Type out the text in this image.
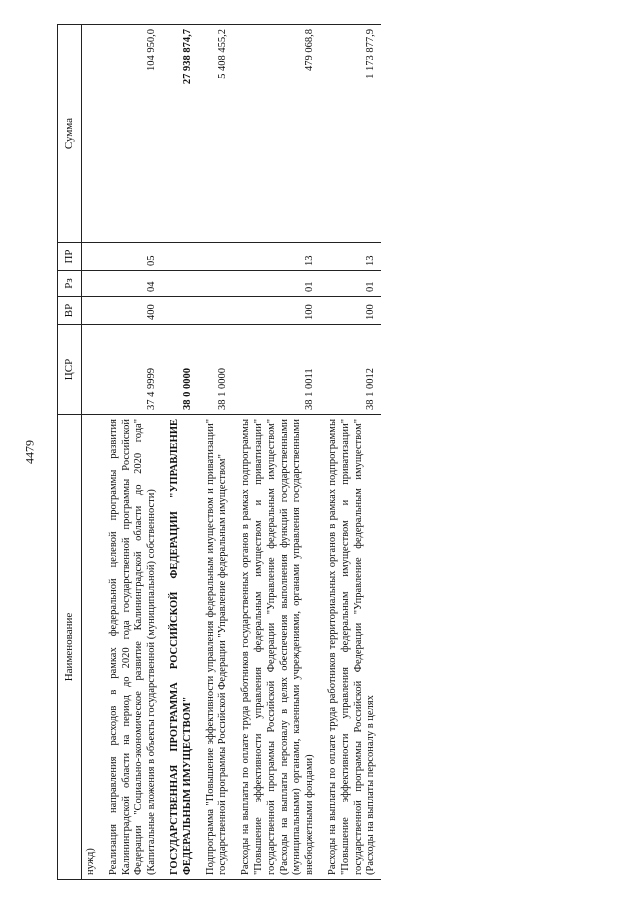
4479
Наименование	ЦСР	ВР	Рз	ПР	Сумма
нужд)					

Реализация направления расходов в рамках федеральной целевой программы развития Калининградской области на период до 2020 года государственной программы Российской Федерации "Социально-экономическое развитие Калининградской области до 2020 года" (Капитальные вложения в объекты государственной (муниципальной) собственности)	37 4 9999	400	04	05	104 950,0

ГОСУДАРСТВЕННАЯ ПРОГРАММА РОССИЙСКОЙ ФЕДЕРАЦИИ "УПРАВЛЕНИЕ ФЕДЕРАЛЬНЫМ ИМУЩЕСТВОМ"	38 0 0000				27 938 874,7

Подпрограмма "Повышение эффективности управления федеральным имуществом и приватизации" государственной программы Российской Федерации "Управление федеральным имуществом"	38 1 0000				5 408 455,2

Расходы на выплаты по оплате труда работников государственных органов в рамках подпрограммы "Повышение эффективности управления федеральным имуществом и приватизации" государственной программы Российской Федерации "Управление федеральным имуществом" (Расходы на выплаты персоналу в целях обеспечения выполнения функций государственными (муниципальными) органами, казенными учреждениями, органами управления государственными внебюджетными фондами)	38 1 0011	100	01	13	479 068,8

Расходы на выплаты по оплате труда работников территориальных органов в рамках подпрограммы "Повышение эффективности управления федеральным имуществом и приватизации" государственной программы Российской Федерации "Управление федеральным имуществом" (Расходы на выплаты персоналу в целях	38 1 0012	100	01	13	1 173 877,9
